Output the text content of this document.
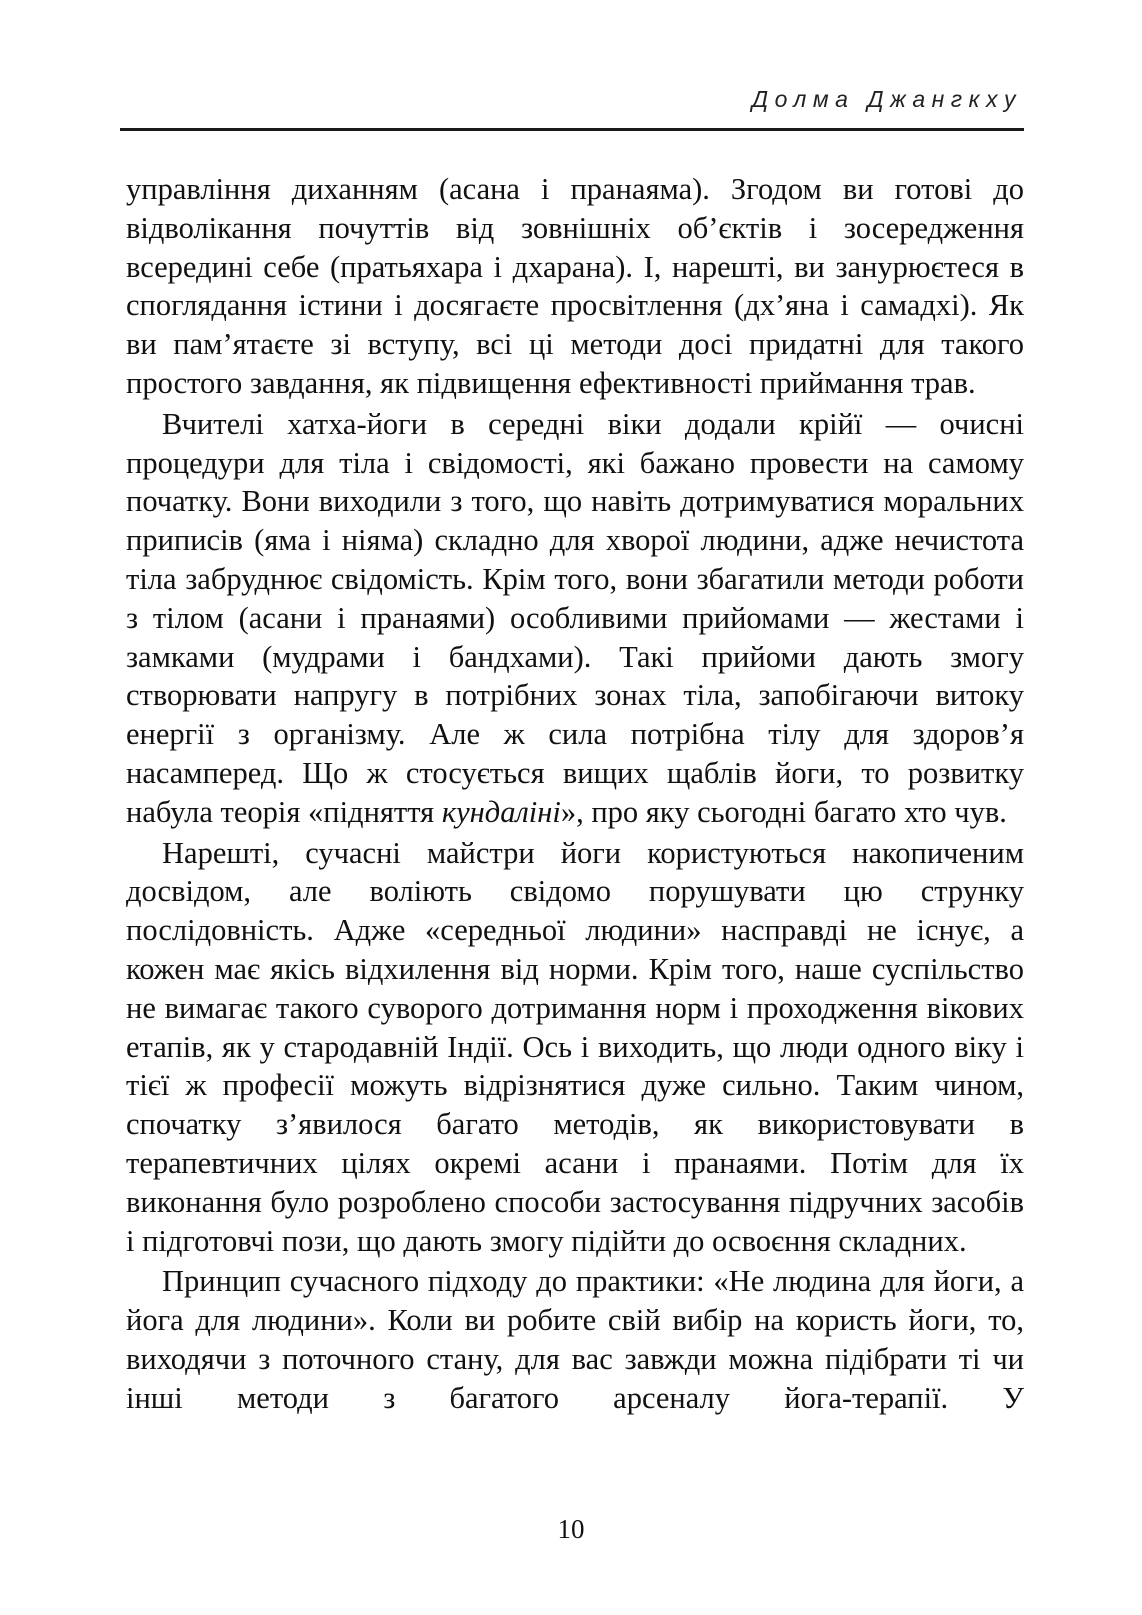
Долма Джангкху

управління диханням (асана і пранаяма). Згодом ви готові до відволікання почуттів від зовнішніх об’єктів і зосередження всередині себе (пратьяхара і дхарана). І, нарешті, ви занурюєтеся в споглядання істини і досягаєте просвітлення (дх’яна і самадхі). Як ви пам’ятаєте зі вступу, всі ці методи досі придатні для такого простого завдання, як підвищення ефективності приймання трав.

Вчителі хатха-йоги в середні віки додали крійї — очисні процедури для тіла і свідомості, які бажано провести на самому початку. Вони виходили з того, що навіть дотримуватися моральних приписів (яма і ніяма) складно для хворої людини, адже нечистота тіла забруднює свідомість. Крім того, вони збагатили методи роботи з тілом (асани і пранаями) особливими прийомами — жестами і замками (мудрами і бандхами). Такі прийоми дають змогу створювати напругу в потрібних зонах тіла, запобігаючи витоку енергії з організму. Але ж сила потрібна тілу для здоров’я насамперед. Що ж стосується вищих щаблів йоги, то розвитку набула теорія «підняття кундаліні», про яку сьогодні багато хто чув.

Нарешті, сучасні майстри йоги користуються накопиченим досвідом, але воліють свідомо порушувати цю струнку послідовність. Адже «середньої людини» насправді не існує, а кожен має якісь відхилення від норми. Крім того, наше суспільство не вимагає такого суворого дотримання норм і проходження вікових етапів, як у стародавній Індії. Ось і виходить, що люди одного віку і тієї ж професії можуть відрізнятися дуже сильно. Таким чином, спочатку з’явилося багато методів, як використовувати в терапевтичних цілях окремі асани і пранаями. Потім для їх виконання було розроблено способи застосування підручних засобів і підготовчі пози, що дають змогу підійти до освоєння складних.

Принцип сучасного підходу до практики: «Не людина для йоги, а йога для людини». Коли ви робите свій вибір на користь йоги, то, виходячи з поточного стану, для вас завжди можна підібрати ті чи інші методи з багатого арсеналу йога-терапії. У

10
